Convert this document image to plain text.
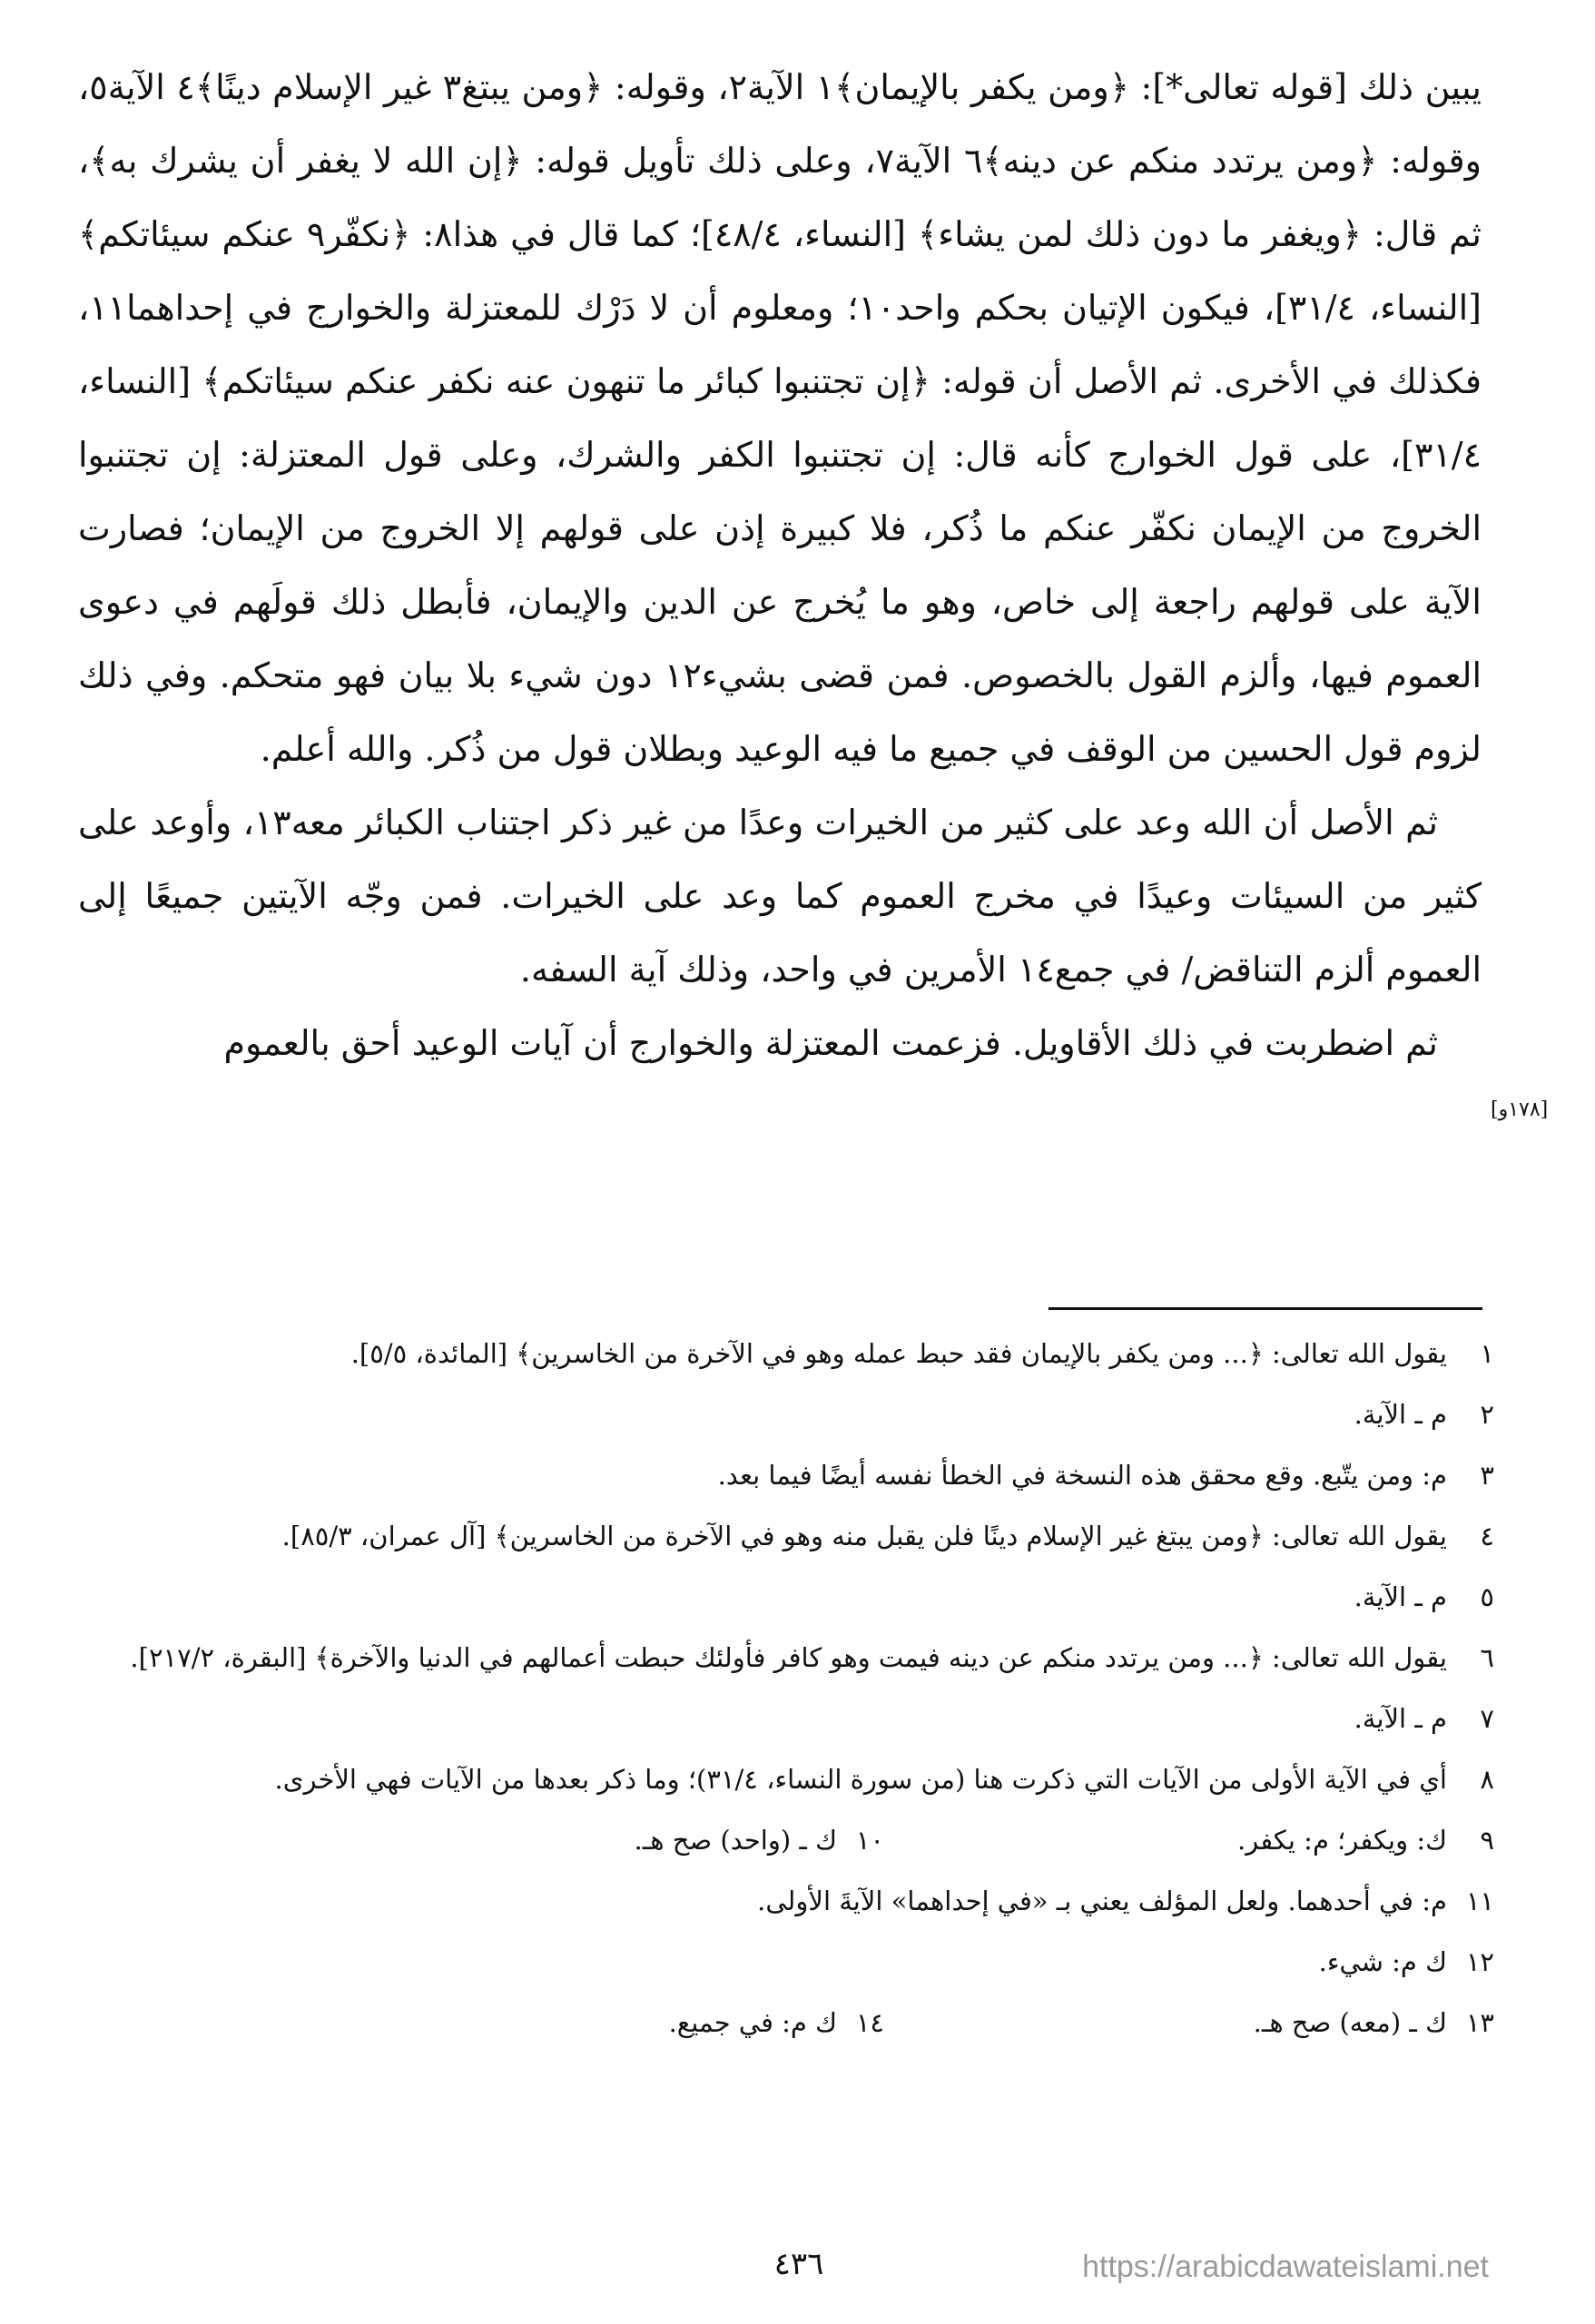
يبين ذلك [قوله تعالى*]: ﴿ومن يكفر بالإيمان﴾١ الآية٢، وقوله: ﴿ومن يبتغ٣ غير الإسلام دينًا﴾٤ الآية٥، وقوله: ﴿ومن يرتدد منكم عن دينه﴾٦ الآية٧، وعلى ذلك تأويل قوله: ﴿إن الله لا يغفر أن يشرك به﴾، ثم قال: ﴿ويغفر ما دون ذلك لمن يشاء﴾ [النساء، ٤٨/٤]؛ كما قال في هذا٨: ﴿نكفّر٩ عنكم سيئاتكم﴾ [النساء، ٣١/٤]، فيكون الإتيان بحكم واحد١٠؛ ومعلوم أن لا دَرْك للمعتزلة والخوارج في إحداهما١١، فكذلك في الأخرى. ثم الأصل أن قوله: ﴿إن تجتنبوا كبائر ما تنهون عنه نكفر عنكم سيئاتكم﴾ [النساء، ٣١/٤]، على قول الخوارج كأنه قال: إن تجتنبوا الكفر والشرك، وعلى قول المعتزلة: إن تجتنبوا الخروج من الإيمان نكفّر عنكم ما ذُكر، فلا كبيرة إذن على قولهم إلا الخروج من الإيمان؛ فصارت الآية على قولهم راجعة إلى خاص، وهو ما يُخرج عن الدين والإيمان، فأبطل ذلك قولَهم في دعوى العموم فيها، وألزم القول بالخصوص. فمن قضى بشيء١٢ دون شيء بلا بيان فهو متحكم. وفي ذلك لزوم قول الحسين من الوقف في جميع ما فيه الوعيد وبطلان قول من ذُكر. والله أعلم.

ثم الأصل أن الله وعد على كثير من الخيرات وعدًا من غير ذكر اجتناب الكبائر معه١٣، وأوعد على كثير من السيئات وعيدًا في مخرج العموم كما وعد على الخيرات. فمن وجّه الآيتين جميعًا إلى العموم ألزم التناقض/ في جمع١٤ الأمرين في واحد، وذلك آية السفه.

ثم اضطربت في ذلك الأقاويل. فزعمت المعتزلة والخوارج أن آيات الوعيد أحق بالعموم

[١٧٨و]
١
يقول الله تعالى: ﴿... ومن يكفر بالإيمان فقد حبط عمله وهو في الآخرة من الخاسرين﴾ [المائدة، ٥/٥].
٢
م ـ الآية.
٣
م: ومن يتّبع. وقع محقق هذه النسخة في الخطأ نفسه أيضًا فيما بعد.
٤
يقول الله تعالى: ﴿ومن يبتغ غير الإسلام دينًا فلن يقبل منه وهو في الآخرة من الخاسرين﴾ [آل عمران، ٨٥/٣].
٥
م ـ الآية.
٦
يقول الله تعالى: ﴿... ومن يرتدد منكم عن دينه فيمت وهو كافر فأولئك حبطت أعمالهم في الدنيا والآخرة﴾ [البقرة، ٢١٧/٢].
٧
م ـ الآية.
٨
أي في الآية الأولى من الآيات التي ذكرت هنا (من سورة النساء، ٣١/٤)؛ وما ذكر بعدها من الآيات فهي الأخرى.
٩
ك: ويكفر؛ م: يكفر.
١٠
ك ـ (واحد) صح هـ.
١١
م: في أحدهما. ولعل المؤلف يعني بـ «في إحداهما» الآيةَ الأولى.
١٢
ك م: شيء.
١٣
ك ـ (معه) صح هـ.
١٤
ك م: في جميع.
٤٣٦	https://arabicdawateislami.net
